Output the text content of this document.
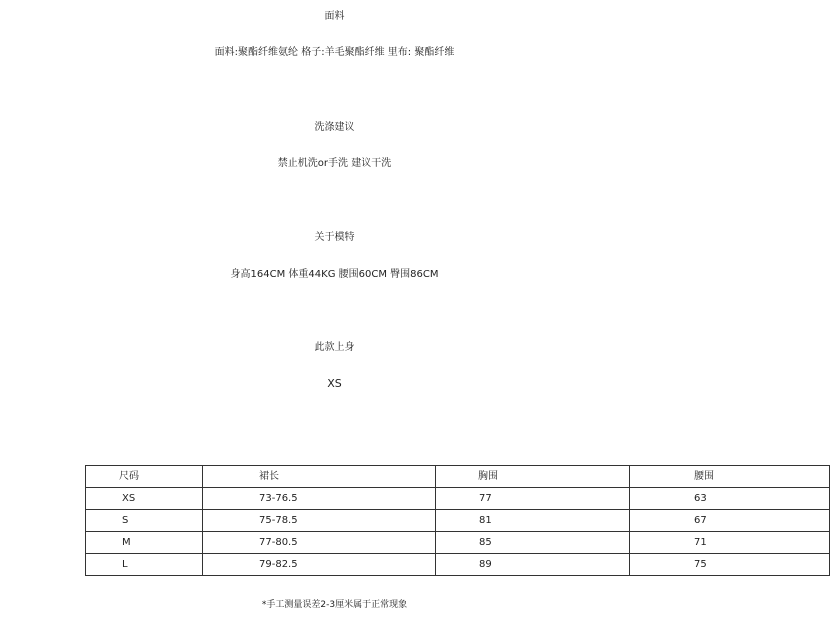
面料
面料:聚酯纤维氨纶 格子:羊毛聚酯纤维 里布: 聚酯纤维
洗涤建议
禁止机洗or手洗 建议干洗
关于模特
身高164CM 体重44KG 腰围60CM 臀围86CM
此款上身
XS
尺码	裙长	胸围	腰围
XS	73-76.5	77	63
S	75-78.5	81	67
M	77-80.5	85	71
L	79-82.5	89	75
*手工测量误差2-3厘米属于正常现象
